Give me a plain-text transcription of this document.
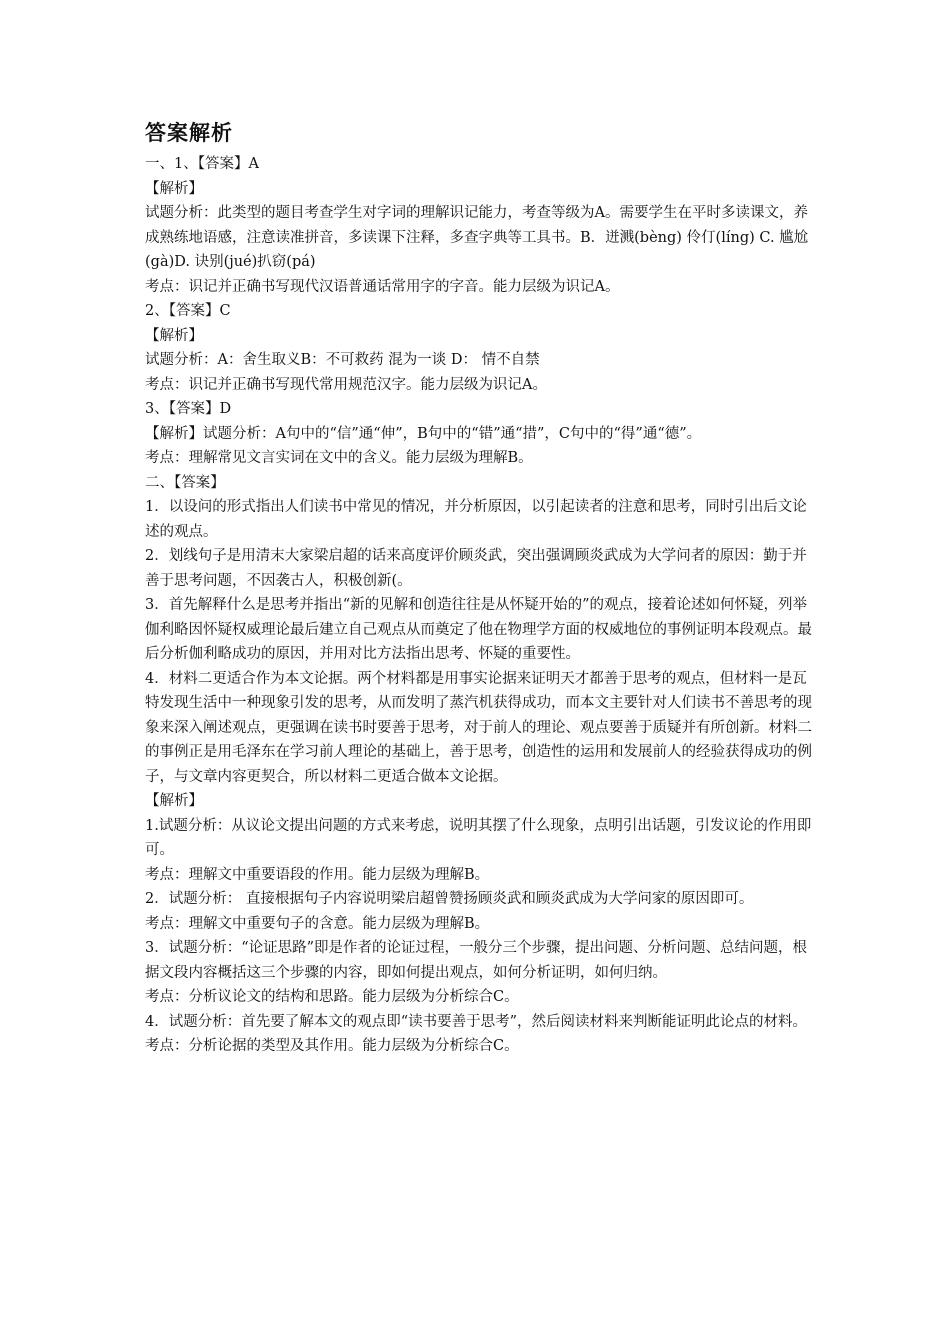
答案解析
一、1、【答案】A
【解析】
试题分析：此类型的题目考查学生对字词的理解识记能力，考查等级为A。需要学生在平时多读课文，养成熟练地语感，注意读准拼音，多读课下注释，多查字典等工具书。B．迸溅(bèng) 伶仃(líng) C. 尴尬(gà)D. 诀别(jué)扒窃(pá)
考点：识记并正确书写现代汉语普通话常用字的字音。能力层级为识记A。
2、【答案】C
【解析】
试题分析：A：舍生取义B：不可救药 混为一谈 D： 情不自禁
考点：识记并正确书写现代常用规范汉字。能力层级为识记A。
3、【答案】D
【解析】试题分析：A句中的“信”通“伸”，B句中的“错”通“措”，C句中的“得”通“德”。
考点：理解常见文言实词在文中的含义。能力层级为理解B。
二、【答案】
1．以设问的形式指出人们读书中常见的情况，并分析原因，以引起读者的注意和思考，同时引出后文论述的观点。
2．划线句子是用清末大家梁启超的话来高度评价顾炎武，突出强调顾炎武成为大学问者的原因：勤于并善于思考问题，不因袭古人，积极创新(。
3．首先解释什么是思考并指出“新的见解和创造往往是从怀疑开始的”的观点，接着论述如何怀疑，列举伽利略因怀疑权威理论最后建立自己观点从而奠定了他在物理学方面的权威地位的事例证明本段观点。最后分析伽利略成功的原因，并用对比方法指出思考、怀疑的重要性。
4．材料二更适合作为本文论据。两个材料都是用事实论据来证明天才都善于思考的观点，但材料一是瓦特发现生活中一种现象引发的思考，从而发明了蒸汽机获得成功，而本文主要针对人们读书不善思考的现象来深入阐述观点，更强调在读书时要善于思考，对于前人的理论、观点要善于质疑并有所创新。材料二的事例正是用毛泽东在学习前人理论的基础上，善于思考，创造性的运用和发展前人的经验获得成功的例子，与文章内容更契合，所以材料二更适合做本文论据。
【解析】
1.试题分析：从议论文提出问题的方式来考虑，说明其摆了什么现象，点明引出话题，引发议论的作用即可。
考点：理解文中重要语段的作用。能力层级为理解B。
2．试题分析： 直接根据句子内容说明梁启超曾赞扬顾炎武和顾炎武成为大学问家的原因即可。
考点：理解文中重要句子的含意。能力层级为理解B。
3．试题分析：“论证思路”即是作者的论证过程，一般分三个步骤，提出问题、分析问题、总结问题，根据文段内容概括这三个步骤的内容，即如何提出观点，如何分析证明，如何归纳。
考点：分析议论文的结构和思路。能力层级为分析综合C。
4．试题分析：首先要了解本文的观点即“读书要善于思考”，然后阅读材料来判断能证明此论点的材料。
考点：分析论据的类型及其作用。能力层级为分析综合C。
